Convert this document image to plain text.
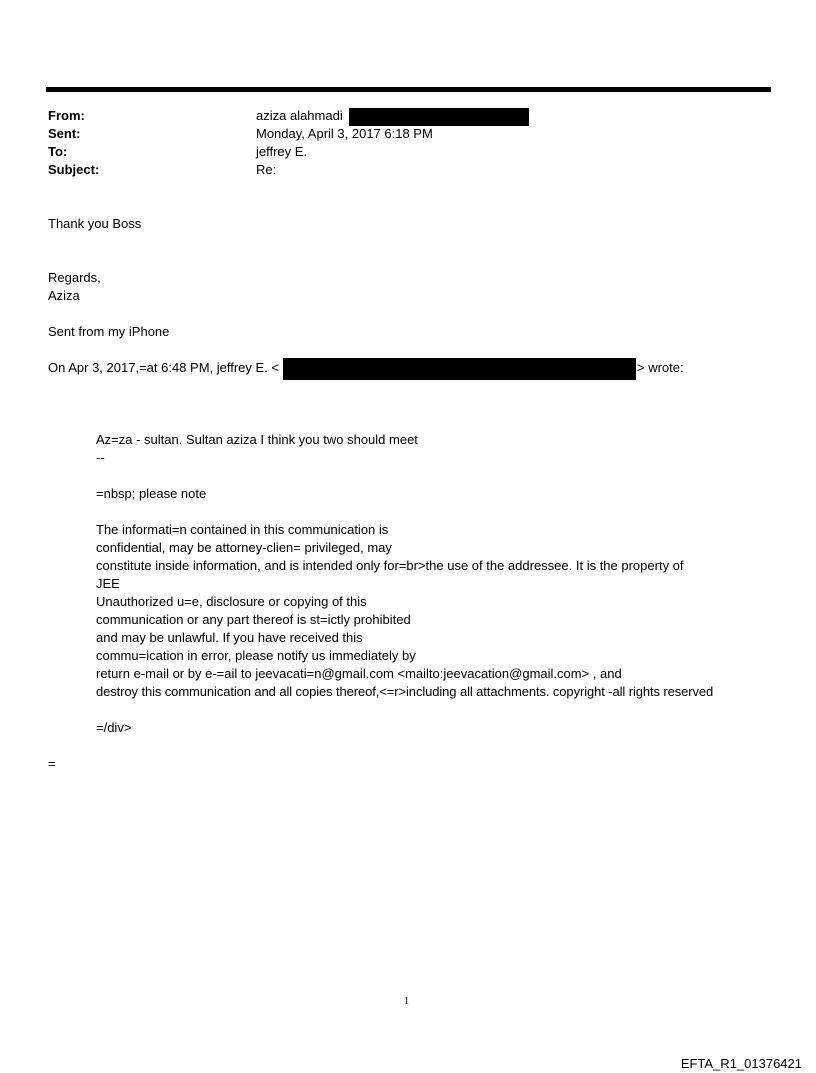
From:	aziza alahmadi
Sent:	Monday, April 3, 2017 6:18 PM
To:	jeffrey E.
Subject:	Re:
Thank you Boss
Regards,
Aziza
Sent from my iPhone
On Apr 3, 2017,=at 6:48 PM, jeffrey E. <	> wrote:
Az=za - sultan. Sultan aziza I think you two should meet
--
=nbsp; please note
The informati=n contained in this communication is
confidential, may be attorney-clien= privileged, may
constitute inside information, and is intended only for=br>the use of the addressee. It is the property of
JEE
Unauthorized u=e, disclosure or copying of this
communication or any part thereof is st=ictly prohibited
and may be unlawful. If you have received this
commu=ication in error, please notify us immediately by
return e-mail or by e-=ail to jeevacati=n@gmail.com <mailto:jeevacation@gmail.com> , and
destroy this communication and all copies thereof,<=r>including all attachments. copyright -all rights reserved
=/div>
=
1
EFTA_R1_01376421
